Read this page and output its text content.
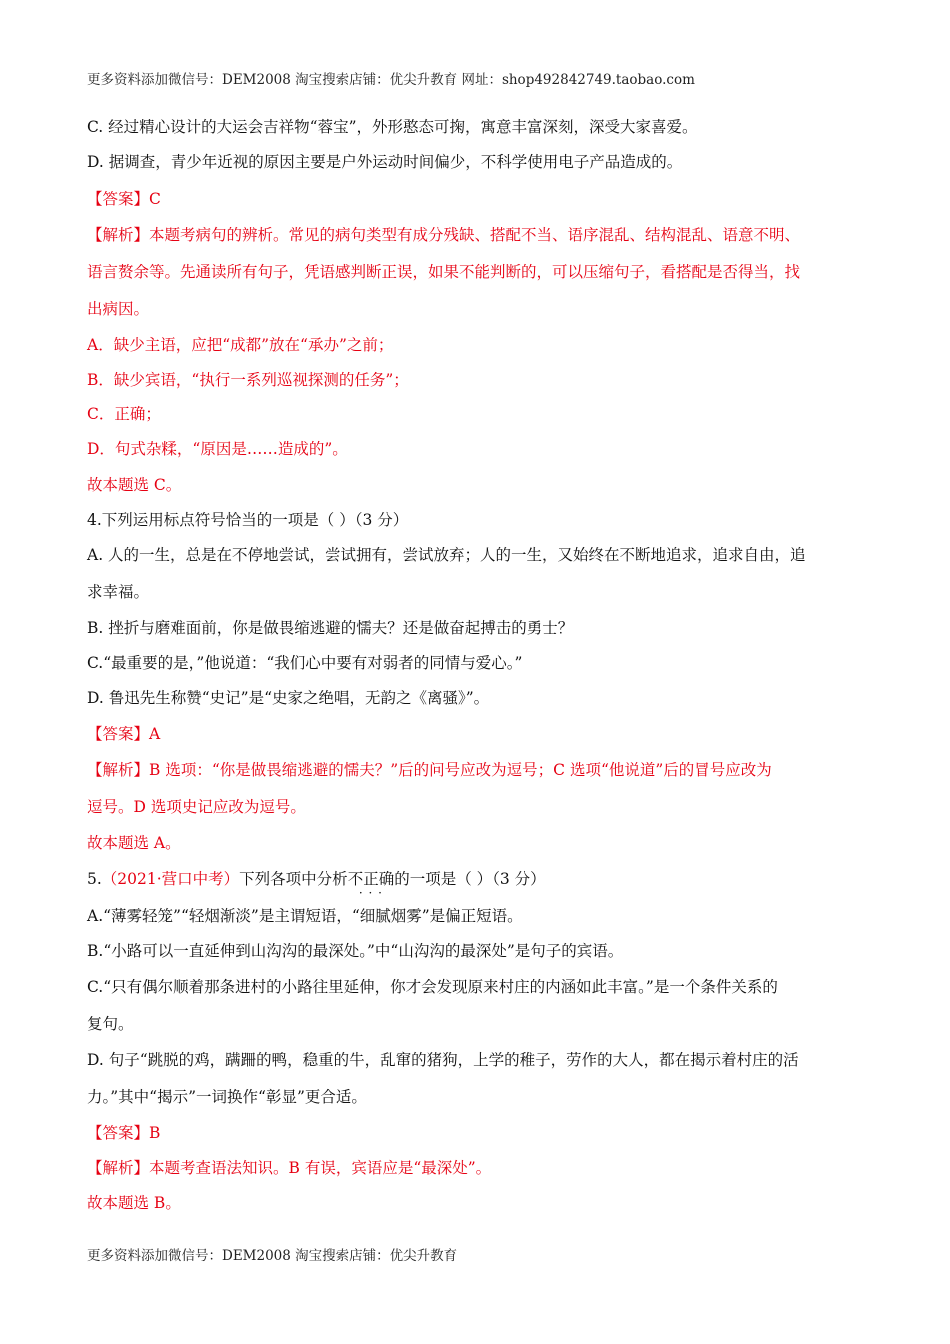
更多资料添加微信号：DEM2008 淘宝搜索店铺：优尖升教育 网址：shop492842749.taobao.com
C. 经过精心设计的大运会吉祥物“蓉宝”，外形憨态可掬，寓意丰富深刻，深受大家喜爱。
D. 据调查，青少年近视的原因主要是户外运动时间偏少，不科学使用电子产品造成的。
【答案】C
【解析】本题考病句的辨析。常见的病句类型有成分残缺、搭配不当、语序混乱、结构混乱、语意不明、
语言赘余等。先通读所有句子，凭语感判断正误，如果不能判断的，可以压缩句子，看搭配是否得当，找
出病因。
A．缺少主语，应把“成都”放在“承办”之前；
B．缺少宾语，“执行一系列巡视探测的任务”；
C．正确；
D．句式杂糅，“原因是……造成的”。
故本题选 C。
4.下列运用标点符号恰当的一项是（ ）（3 分）
A. 人的一生，总是在不停地尝试，尝试拥有，尝试放弃；人的一生，又始终在不断地追求，追求自由，追
求幸福。
B. 挫折与磨难面前，你是做畏缩逃避的懦夫？还是做奋起搏击的勇士？
C.“最重要的是，”他说道：“我们心中要有对弱者的同情与爱心。”
D. 鲁迅先生称赞“史记”是“史家之绝唱，无韵之《离骚》”。
【答案】A
【解析】B 选项：“你是做畏缩逃避的懦夫？”后的问号应改为逗号；C 选项“他说道”后的冒号应改为
逗号。D 选项史记应改为逗号。
故本题选 A。
5.（2021·营口中考）下列各项中分析不正确 · · ·的一项是（ ）（3 分）
A.“薄雾轻笼”“轻烟渐淡”是主谓短语，“细腻烟雾”是偏正短语。
B.“小路可以一直延伸到山沟沟的最深处。”中“山沟沟的最深处”是句子的宾语。
C.“只有偶尔顺着那条进村的小路往里延伸，你才会发现原来村庄的内涵如此丰富。”是一个条件关系的
复句。
D. 句子“跳脱的鸡，蹒跚的鸭，稳重的牛，乱窜的猪狗，上学的稚子，劳作的大人，都在揭示着村庄的活
力。”其中“揭示”一词换作“彰显”更合适。
【答案】B
【解析】本题考查语法知识。B 有误，宾语应是“最深处”。
故本题选 B。
更多资料添加微信号：DEM2008 淘宝搜索店铺：优尖升教育
